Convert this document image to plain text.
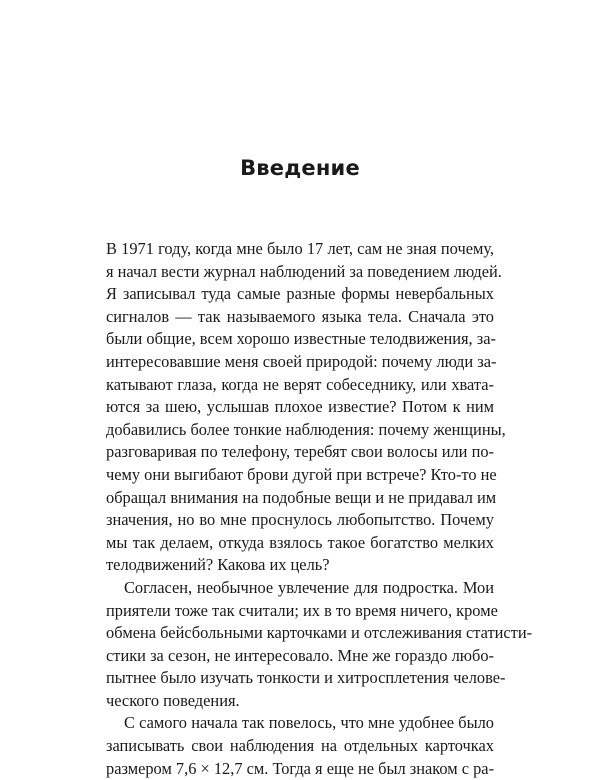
Введение
В 1971 году, когда мне было 17 лет, сам не зная почему,
я начал вести журнал наблюдений за поведением людей.
Я записывал туда самые разные формы невербальных
сигналов — так называемого языка тела. Сначала это
были общие, всем хорошо известные телодвижения, за-
интересовавшие меня своей природой: почему люди за-
катывают глаза, когда не верят собеседнику, или хвата-
ются за шею, услышав плохое известие? Потом к ним
добавились более тонкие наблюдения: почему женщины,
разговаривая по телефону, теребят свои волосы или по-
чему они выгибают брови дугой при встрече? Кто-то не
обращал внимания на подобные вещи и не придавал им
значения, но во мне проснулось любопытство. Почему
мы так делаем, откуда взялось такое богатство мелких
телодвижений? Какова их цель?
Согласен, необычное увлечение для подростка. Мои
приятели тоже так считали; их в то время ничего, кроме
обмена бейсбольными карточками и отслеживания статисти-
стики за сезон, не интересовало. Мне же гораздо любо-
пытнее было изучать тонкости и хитросплетения челове-
ческого поведения.
С самого начала так повелось, что мне удобнее было
записывать свои наблюдения на отдельных карточках
размером 7,6 × 12,7 см. Тогда я еще не был знаком с ра-
